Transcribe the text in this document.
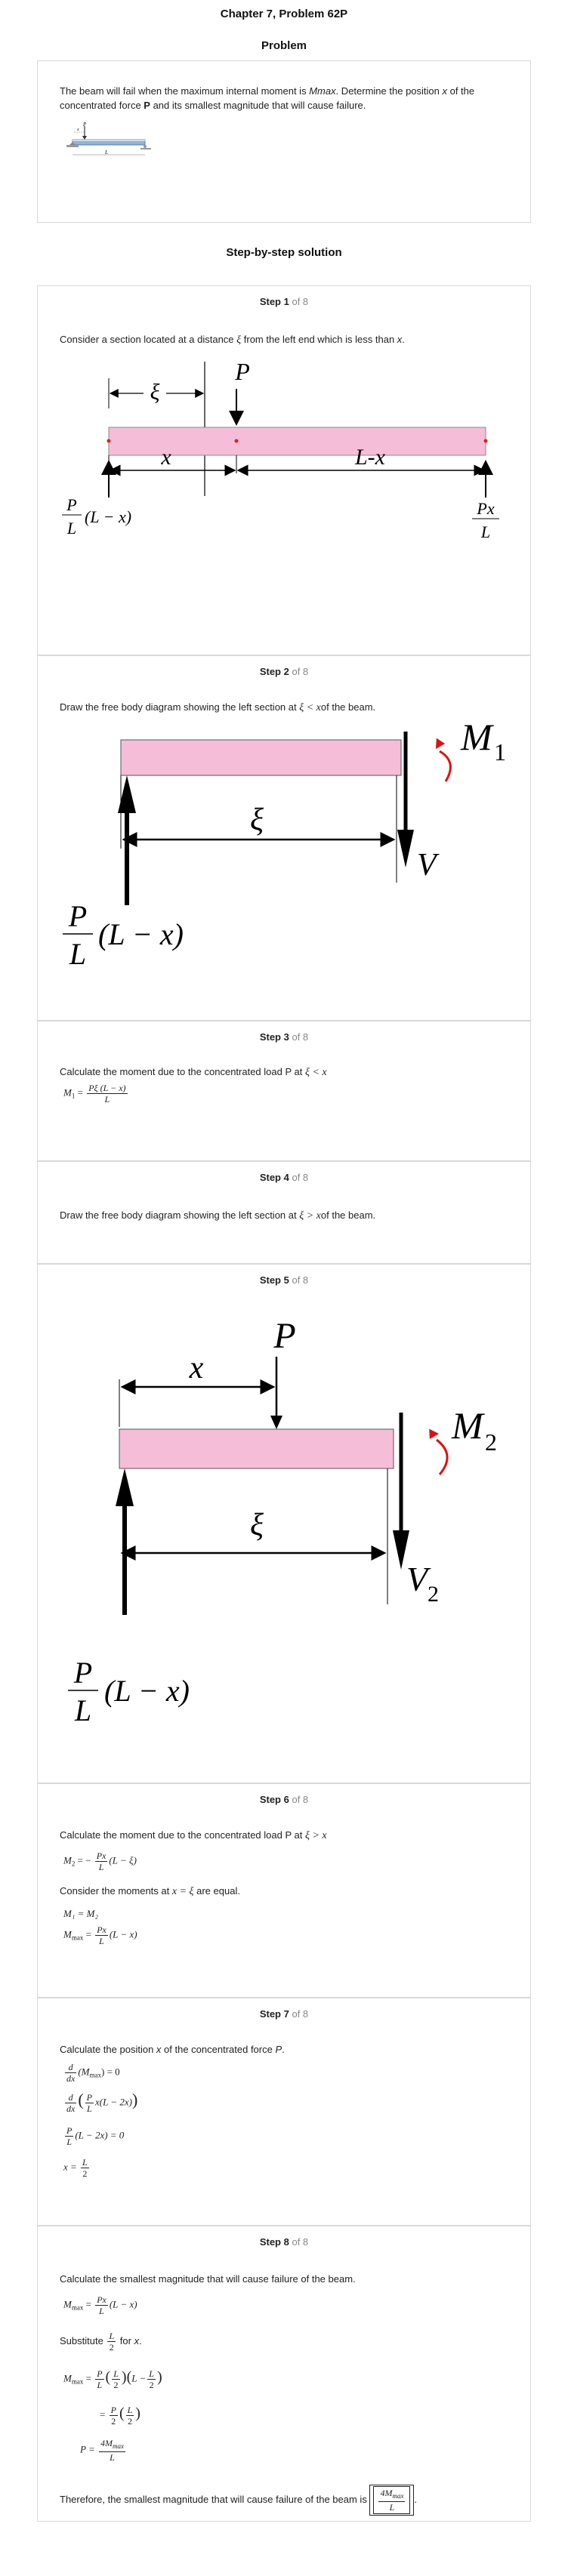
Chapter 7, Problem 62P
Problem
The beam will fail when the maximum internal moment is Mmax. Determine the position x of the concentrated force P and its smallest magnitude that will cause failure.
P
x
L
Step-by-step solution
Step 1 of 8
Consider a section located at a distance ξ from the left end which is less than x.
ξ
P
x	L-x
P
L
(L − x)	Px
L
Step 2 of 8
Draw the free body diagram showing the left section at ξ < xof the beam.
V
M 1
ξ
P
L
(L − x)
Step 3 of 8
Calculate the moment due to the concentrated load P at ξ < x
$M_1 = \frac{P\xi (L - x)}{L}$
Step 4 of 8
Draw the free body diagram showing the left section at ξ > xof the beam.
Step 5 of 8
P
x
V 2
M 2
ξ
P
L
(L − x)
Step 6 of 8
Calculate the moment due to the concentrated load P at ξ > x
$M_2$ = − $\frac{Px}{L} (L - \xi)$
Consider the moments at x = ξ are equal.
M₁ = M₂
$M_{max} = \frac{Px}{L} (L - x)$
Step 7 of 8
Calculate the position x of the concentrated force P.
$\frac{d}{dx} (M_{max}) = 0$
$\frac{d}{dx}$ ( $\frac{P}{L} x(L - 2x)$)
$\frac{P}{L} (L - 2x) = 0$
$x = \frac{L}{2}$
Step 8 of 8
Calculate the smallest magnitude that will cause failure of the beam.
$M_{max} = \frac{Px}{L} (L - x)$
Substitute $\frac{L}{2}$ for x.
$M_{max} = \frac{P}{L}$ ( $\frac{L}{2} )(L - \frac{L}{2}$ )
= $\frac{P}{2}$ ( $\frac{L}{2}$ )
$P = \frac{4M_{max}}{L}$
Therefore, the smallest magnitude that will cause failure of the beam is $\frac{4M_{max}}{L}$ .
